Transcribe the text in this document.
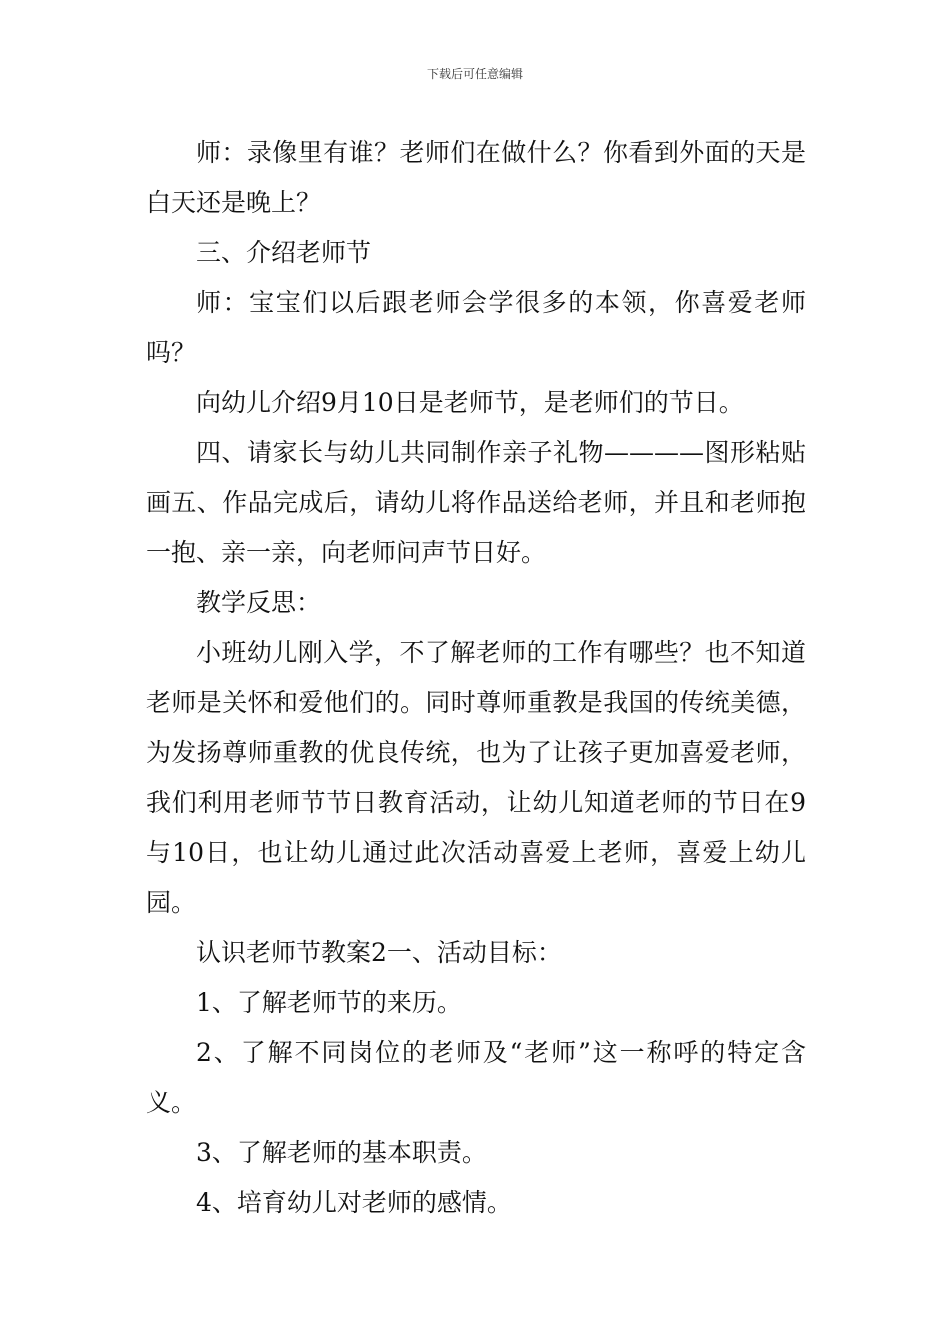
下载后可任意编辑

师：录像里有谁？老师们在做什么？你看到外面的天是白天还是晚上？

三、介绍老师节

师：宝宝们以后跟老师会学很多的本领，你喜爱老师吗？

向幼儿介绍9月10日是老师节，是老师们的节日。

四、请家长与幼儿共同制作亲子礼物————图形粘贴画五、作品完成后，请幼儿将作品送给老师，并且和老师抱一抱、亲一亲，向老师问声节日好。

教学反思：

小班幼儿刚入学，不了解老师的工作有哪些？也不知道老师是关怀和爱他们的。同时尊师重教是我国的传统美德，为发扬尊师重教的优良传统，也为了让孩子更加喜爱老师，我们利用老师节节日教育活动，让幼儿知道老师的节日在9与10日，也让幼儿通过此次活动喜爱上老师，喜爱上幼儿园。

认识老师节教案2一、活动目标：

1、了解老师节的来历。

2、了解不同岗位的老师及“老师”这一称呼的特定含义。

3、了解老师的基本职责。

4、培育幼儿对老师的感情。
